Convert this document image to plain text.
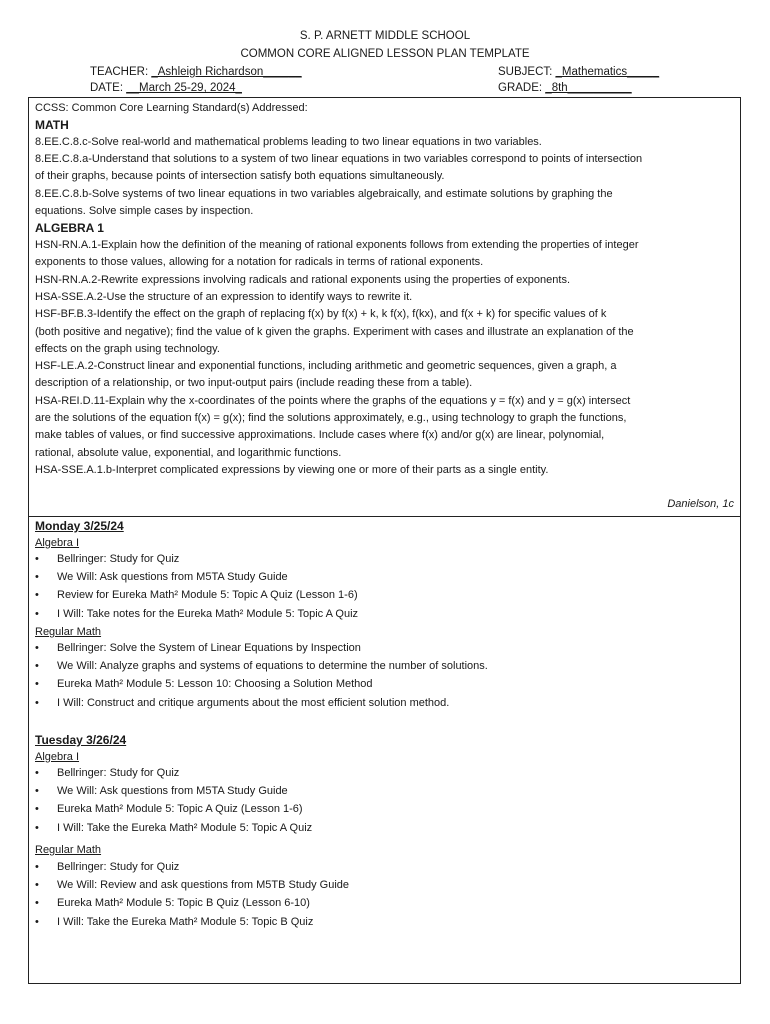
S. P. ARNETT MIDDLE SCHOOL
COMMON CORE ALIGNED LESSON PLAN TEMPLATE
TEACHER: _Ashleigh Richardson______	SUBJECT: _Mathematics_____
DATE: __March 25-29, 2024_	GRADE: _8th__________
CCSS: Common Core Learning Standard(s) Addressed:
MATH
8.EE.C.8.c-Solve real-world and mathematical problems leading to two linear equations in two variables.
8.EE.C.8.a-Understand that solutions to a system of two linear equations in two variables correspond to points of intersection
of their graphs, because points of intersection satisfy both equations simultaneously.
8.EE.C.8.b-Solve systems of two linear equations in two variables algebraically, and estimate solutions by graphing the
equations. Solve simple cases by inspection.
ALGEBRA 1
HSN-RN.A.1-Explain how the definition of the meaning of rational exponents follows from extending the properties of integer
exponents to those values, allowing for a notation for radicals in terms of rational exponents.
HSN-RN.A.2-Rewrite expressions involving radicals and rational exponents using the properties of exponents.
HSA-SSE.A.2-Use the structure of an expression to identify ways to rewrite it.
HSF-BF.B.3-Identify the effect on the graph of replacing f(x) by f(x) + k, k f(x), f(kx), and f(x + k) for specific values of k
(both positive and negative); find the value of k given the graphs. Experiment with cases and illustrate an explanation of the
effects on the graph using technology.
HSF-LE.A.2-Construct linear and exponential functions, including arithmetic and geometric sequences, given a graph, a
description of a relationship, or two input-output pairs (include reading these from a table).
HSA-REI.D.11-Explain why the x-coordinates of the points where the graphs of the equations y = f(x) and y = g(x) intersect
are the solutions of the equation f(x) = g(x); find the solutions approximately, e.g., using technology to graph the functions,
make tables of values, or find successive approximations. Include cases where f(x) and/or g(x) are linear, polynomial,
rational, absolute value, exponential, and logarithmic functions.
HSA-SSE.A.1.b-Interpret complicated expressions by viewing one or more of their parts as a single entity.
Danielson, 1c
Monday 3/25/24
Algebra I
• Bellringer: Study for Quiz
• We Will: Ask questions from M5TA Study Guide
• Review for Eureka Math² Module 5: Topic A Quiz (Lesson 1-6)
• I Will: Take notes for the Eureka Math² Module 5: Topic A Quiz
Regular Math
• Bellringer: Solve the System of Linear Equations by Inspection
• We Will: Analyze graphs and systems of equations to determine the number of solutions.
• Eureka Math² Module 5: Lesson 10: Choosing a Solution Method
• I Will: Construct and critique arguments about the most efficient solution method.
Tuesday 3/26/24
Algebra I
• Bellringer: Study for Quiz
• We Will: Ask questions from M5TA Study Guide
• Eureka Math² Module 5: Topic A Quiz (Lesson 1-6)
• I Will: Take the Eureka Math² Module 5: Topic A Quiz
Regular Math
• Bellringer: Study for Quiz
• We Will: Review and ask questions from M5TB Study Guide
• Eureka Math² Module 5: Topic B Quiz (Lesson 6-10)
• I Will: Take the Eureka Math² Module 5: Topic B Quiz
